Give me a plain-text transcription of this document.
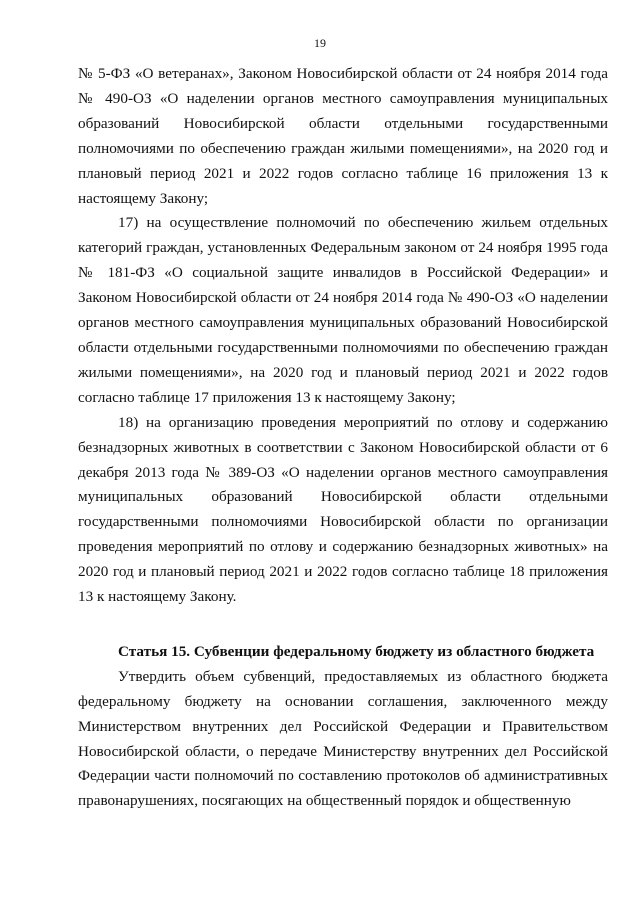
19

№ 5-ФЗ «О ветеранах», Законом Новосибирской области от 24 ноября 2014 года № 490-ОЗ «О наделении органов местного самоуправления муниципальных образований Новосибирской области отдельными государственными полномочиями по обеспечению граждан жилыми помещениями», на 2020 год и плановый период 2021 и 2022 годов согласно таблице 16 приложения 13 к настоящему Закону;

17) на осуществление полномочий по обеспечению жильем отдельных категорий граждан, установленных Федеральным законом от 24 ноября 1995 года № 181-ФЗ «О социальной защите инвалидов в Российской Федерации» и Законом Новосибирской области от 24 ноября 2014 года № 490-ОЗ «О наделении органов местного самоуправления муниципальных образований Новосибирской области отдельными государственными полномочиями по обеспечению граждан жилыми помещениями», на 2020 год и плановый период 2021 и 2022 годов согласно таблице 17 приложения 13 к настоящему Закону;

18) на организацию проведения мероприятий по отлову и содержанию безнадзорных животных в соответствии с Законом Новосибирской области от 6 декабря 2013 года № 389-ОЗ «О наделении органов местного самоуправления муниципальных образований Новосибирской области отдельными государственными полномочиями Новосибирской области по организации проведения мероприятий по отлову и содержанию безнадзорных животных» на 2020 год и плановый период 2021 и 2022 годов согласно таблице 18 приложения 13 к настоящему Закону.

Статья 15. Субвенции федеральному бюджету из областного бюджета

Утвердить объем субвенций, предоставляемых из областного бюджета федеральному бюджету на основании соглашения, заключенного между Министерством внутренних дел Российской Федерации и Правительством Новосибирской области, о передаче Министерству внутренних дел Российской Федерации части полномочий по составлению протоколов об административных правонарушениях, посягающих на общественный порядок и общественную
